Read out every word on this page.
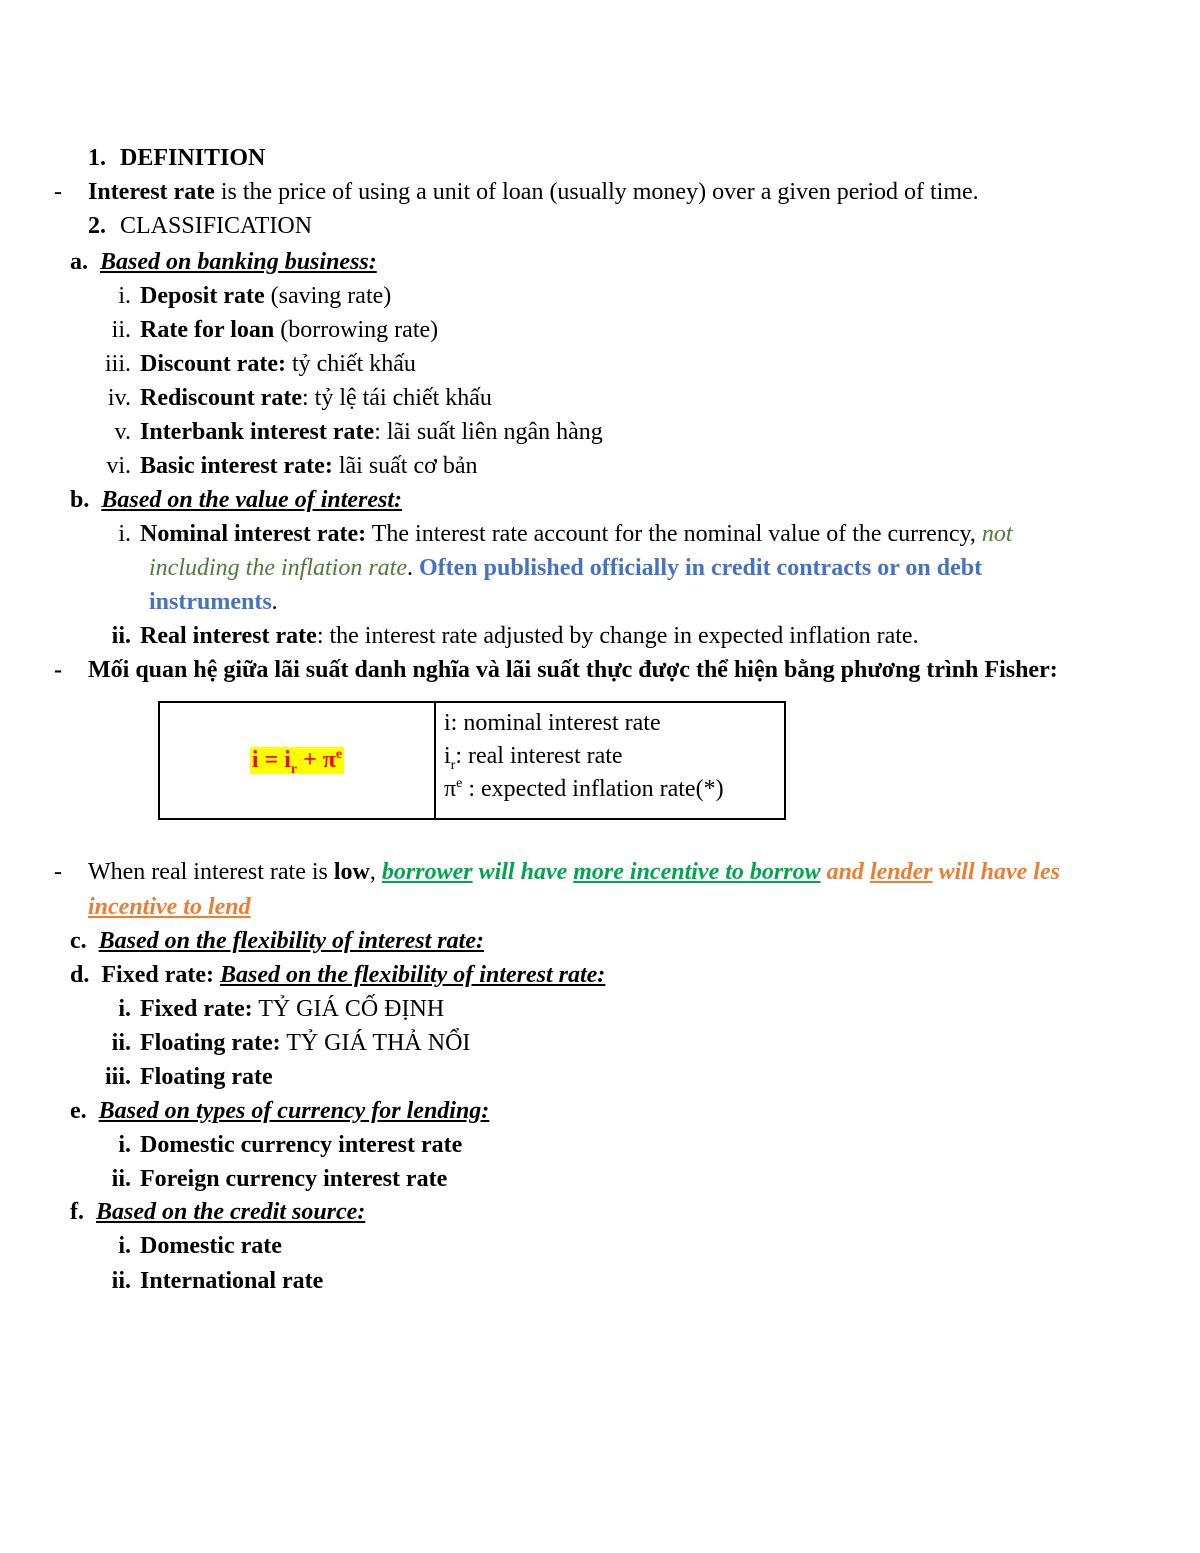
1. DEFINITION
- Interest rate is the price of using a unit of loan (usually money) over a given period of time.
2. CLASSIFICATION
a. Based on banking business:
i. Deposit rate (saving rate)
ii. Rate for loan (borrowing rate)
iii. Discount rate: tỷ chiết khấu
iv. Rediscount rate: tỷ lệ tái chiết khấu
v. Interbank interest rate: lãi suất liên ngân hàng
vi. Basic interest rate: lãi suất cơ bản
b. Based on the value of interest:
i. Nominal interest rate: The interest rate account for the nominal value of the currency, not
including the inflation rate. Often published officially in credit contracts or on debt
instruments.
ii. Real interest rate: the interest rate adjusted by change in expected inflation rate.
- Mối quan hệ giữa lãi suất danh nghĩa và lãi suất thực được thể hiện bằng phương trình Fisher:
$i = i_r + \pi^e$
i: nominal interest rate
$i_r$: real interest rate
$\pi^e$ : expected inflation rate(*)
- When real interest rate is low, borrower will have more incentive to borrow and lender will have les
incentive to lend
c. Based on the flexibility of interest rate:
d. Fixed rate: Based on the flexibility of interest rate:
i. Fixed rate: TỶ GIÁ CỐ ĐỊNH
ii. Floating rate: TỶ GIÁ THẢ NỔI
iii. Floating rate
e. Based on types of currency for lending:
i. Domestic currency interest rate
ii. Foreign currency interest rate
f. Based on the credit source:
i. Domestic rate
ii. International rate
